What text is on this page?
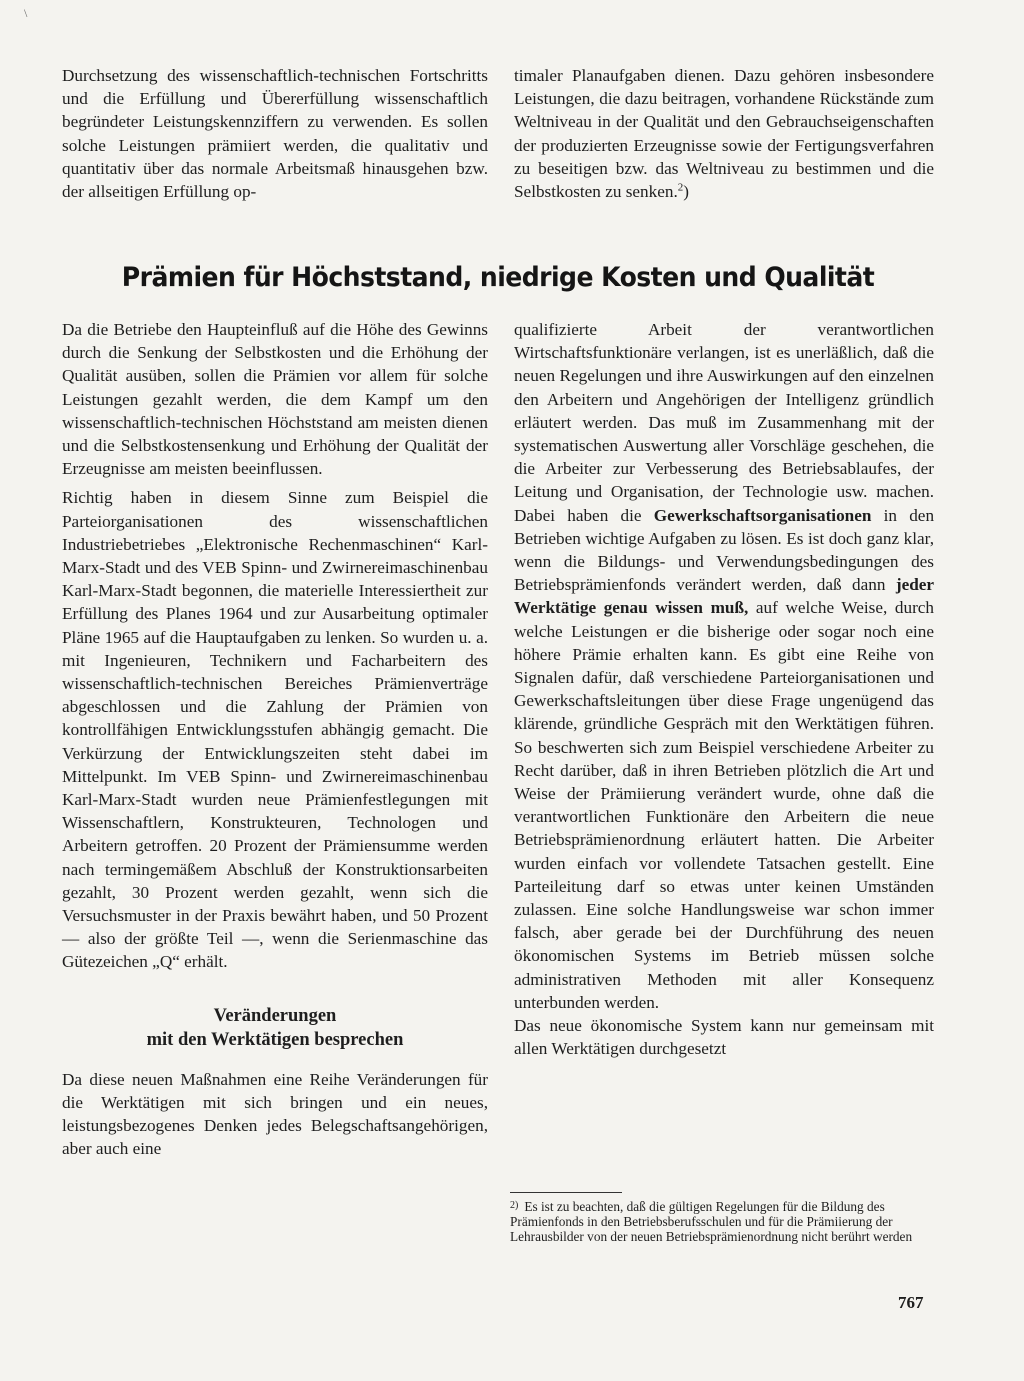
\

Durchsetzung des wissenschaftlich-technischen Fortschritts und die Erfüllung und Übererfüllung wissenschaftlich begründeter Leistungskennziffern zu verwenden. Es sollen solche Leistungen prämiiert werden, die qualitativ und quantitativ über das normale Arbeitsmaß hinausgehen bzw. der allseitigen Erfüllung op-

timaler Planaufgaben dienen. Dazu gehören insbesondere Leistungen, die dazu beitragen, vorhandene Rückstände zum Weltniveau in der Qualität und den Gebrauchseigenschaften der produzierten Erzeugnisse sowie der Fertigungsverfahren zu beseitigen bzw. das Weltniveau zu bestimmen und die Selbstkosten zu senken.$^2$)

Prämien für Höchststand, niedrige Kosten und Qualität

Da die Betriebe den Haupteinfluß auf die Höhe des Gewinns durch die Senkung der Selbstkosten und die Erhöhung der Qualität ausüben, sollen die Prämien vor allem für solche Leistungen gezahlt werden, die dem Kampf um den wissenschaftlich-technischen Höchststand am meisten dienen und die Selbstkostensenkung und Erhöhung der Qualität der Erzeugnisse am meisten beeinflussen.

Richtig haben in diesem Sinne zum Beispiel die Parteiorganisationen des wissenschaftlichen Industriebetriebes „Elektronische Rechenmaschinen“ Karl-Marx-Stadt und des VEB Spinn- und Zwirnereimaschinenbau Karl-Marx-Stadt begonnen, die materielle Interessiertheit zur Erfüllung des Planes 1964 und zur Ausarbeitung optimaler Pläne 1965 auf die Hauptaufgaben zu lenken. So wurden u. a. mit Ingenieuren, Technikern und Facharbeitern des wissenschaftlich-technischen Bereiches Prämienverträge abgeschlossen und die Zahlung der Prämien von kontrollfähigen Entwicklungsstufen abhängig gemacht. Die Verkürzung der Entwicklungszeiten steht dabei im Mittelpunkt. Im VEB Spinn- und Zwirnereimaschinenbau Karl-Marx-Stadt wurden neue Prämienfestlegungen mit Wissenschaftlern, Konstrukteuren, Technologen und Arbeitern getroffen. 20 Prozent der Prämiensumme werden nach termingemäßem Abschluß der Konstruktionsarbeiten gezahlt, 30 Prozent werden gezahlt, wenn sich die Versuchsmuster in der Praxis bewährt haben, und 50 Prozent — also der größte Teil —, wenn die Serienmaschine das Gütezeichen „Q“ erhält.

Veränderungen
mit den Werktätigen besprechen

Da diese neuen Maßnahmen eine Reihe Veränderungen für die Werktätigen mit sich bringen und ein neues, leistungsbezogenes Denken jedes Belegschaftsangehörigen, aber auch eine

qualifizierte Arbeit der verantwortlichen Wirtschaftsfunktionäre verlangen, ist es unerläßlich, daß die neuen Regelungen und ihre Auswirkungen auf den einzelnen den Arbeitern und Angehörigen der Intelligenz gründlich erläutert werden. Das muß im Zusammenhang mit der systematischen Auswertung aller Vorschläge geschehen, die die Arbeiter zur Verbesserung des Betriebsablaufes, der Leitung und Organisation, der Technologie usw. machen. Dabei haben die Gewerkschaftsorganisationen in den Betrieben wichtige Aufgaben zu lösen. Es ist doch ganz klar, wenn die Bildungs- und Verwendungsbedingungen des Betriebsprämienfonds verändert werden, daß dann jeder Werktätige genau wissen muß, auf welche Weise, durch welche Leistungen er die bisherige oder sogar noch eine höhere Prämie erhalten kann. Es gibt eine Reihe von Signalen dafür, daß verschiedene Parteiorganisationen und Gewerkschaftsleitungen über diese Frage ungenügend das klärende, gründliche Gespräch mit den Werktätigen führen. So beschwerten sich zum Beispiel verschiedene Arbeiter zu Recht darüber, daß in ihren Betrieben plötzlich die Art und Weise der Prämiierung verändert wurde, ohne daß die verantwortlichen Funktionäre den Arbeitern die neue Betriebsprämienordnung erläutert hatten. Die Arbeiter wurden einfach vor vollendete Tatsachen gestellt. Eine Parteileitung darf so etwas unter keinen Umständen zulassen. Eine solche Handlungsweise war schon immer falsch, aber gerade bei der Durchführung des neuen ökonomischen Systems im Betrieb müssen solche administrativen Methoden mit aller Konsequenz unterbunden werden.

Das neue ökonomische System kann nur gemeinsam mit allen Werktätigen durchgesetzt

$^{2)}$ Es ist zu beachten, daß die gültigen Regelungen für die Bildung des Prämienfonds in den Betriebsberufsschulen und für die Prämiierung der Lehrausbilder von der neuen Betriebsprämienordnung nicht berührt werden
767
